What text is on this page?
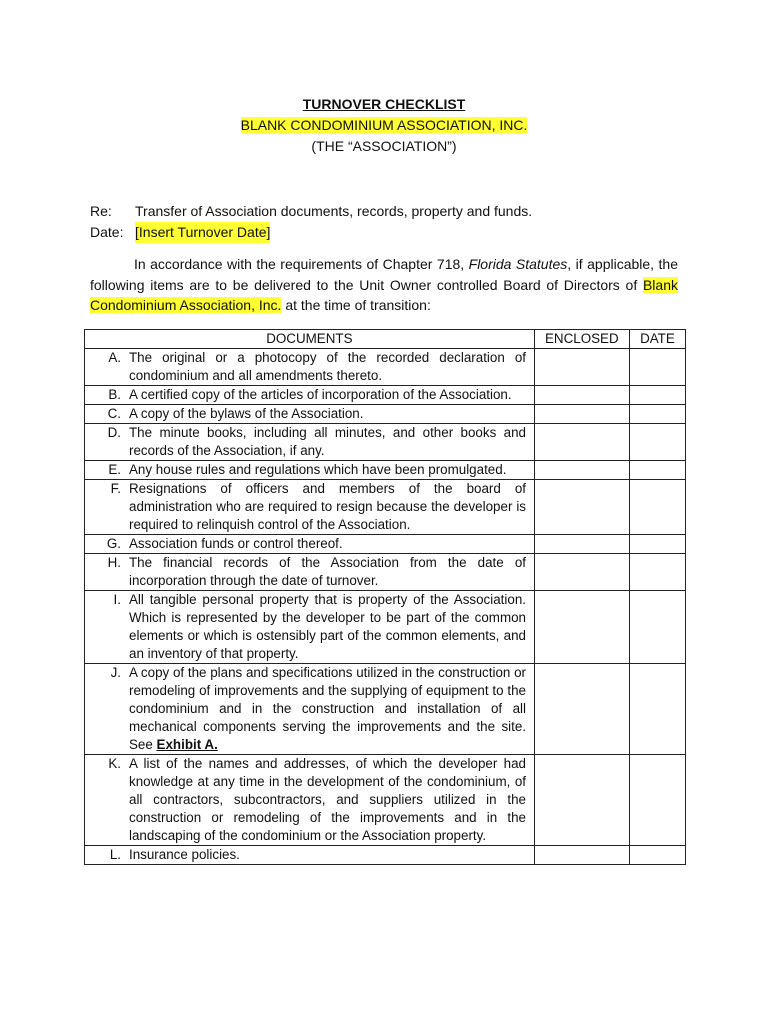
TURNOVER CHECKLIST
BLANK CONDOMINIUM ASSOCIATION, INC.
(THE “ASSOCIATION”)
Re:	Transfer of Association documents, records, property and funds.
Date: [Insert Turnover Date]
In accordance with the requirements of Chapter 718, Florida Statutes, if applicable, the following items are to be delivered to the Unit Owner controlled Board of Directors of Blank Condominium Association, Inc. at the time of transition:
DOCUMENTS	ENCLOSED	DATE

A. The original or a photocopy of the recorded declaration of condominium and all amendments thereto.		

B. A certified copy of the articles of incorporation of the Association.		

C. A copy of the bylaws of the Association.		

D. The minute books, including all minutes, and other books and records of the Association, if any.		

E. Any house rules and regulations which have been promulgated.		

F. Resignations of officers and members of the board of administration who are required to resign because the developer is required to relinquish control of the Association.		

G. Association funds or control thereof.		

H. The financial records of the Association from the date of incorporation through the date of turnover.		

I. All tangible personal property that is property of the Association. Which is represented by the developer to be part of the common elements or which is ostensibly part of the common elements, and an inventory of that property.		

J. A copy of the plans and specifications utilized in the construction or remodeling of improvements and the supplying of equipment to the condominium and in the construction and installation of all mechanical components serving the improvements and the site. See Exhibit A.		

K. A list of the names and addresses, of which the developer had knowledge at any time in the development of the condominium, of all contractors, subcontractors, and suppliers utilized in the construction or remodeling of the improvements and in the landscaping of the condominium or the Association property.		

L. Insurance policies.		
